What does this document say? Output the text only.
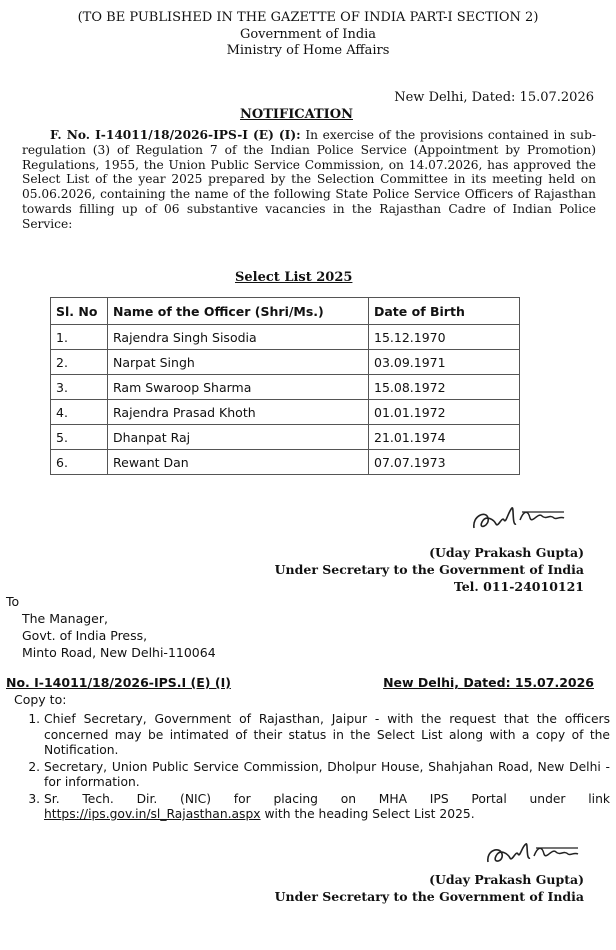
(TO BE PUBLISHED IN THE GAZETTE OF INDIA PART-I SECTION 2)
Government of India
Ministry of Home Affairs
New Delhi, Dated: 15.07.2026
NOTIFICATION
F. No. I-14011/18/2026-IPS-I (E) (I): In exercise of the provisions contained in sub-regulation (3) of Regulation 7 of the Indian Police Service (Appointment by Promotion) Regulations, 1955, the Union Public Service Commission, on 14.07.2026, has approved the Select List of the year 2025 prepared by the Selection Committee in its meeting held on 05.06.2026, containing the name of the following State Police Service Officers of Rajasthan towards filling up of 06 substantive vacancies in the Rajasthan Cadre of Indian Police Service:
Select List 2025
Sl. No	Name of the Officer (Shri/Ms.)	Date of Birth
1.	Rajendra Singh Sisodia	15.12.1970
2.	Narpat Singh	03.09.1971
3.	Ram Swaroop Sharma	15.08.1972
4.	Rajendra Prasad Khoth	01.01.1972
5.	Dhanpat Raj	21.01.1974
6.	Rewant Dan	07.07.1973
(Uday Prakash Gupta)
Under Secretary to the Government of India
Tel. 011-24010121
To
The Manager,
Govt. of India Press,
Minto Road, New Delhi-110064
No. I-14011/18/2026-IPS.I (E) (I)	New Delhi, Dated: 15.07.2026
Copy to:
1. Chief Secretary, Government of Rajasthan, Jaipur - with the request that the officers concerned may be intimated of their status in the Select List along with a copy of the Notification.
2. Secretary, Union Public Service Commission, Dholpur House, Shahjahan Road, New Delhi - for information.
3. Sr. Tech. Dir. (NIC) for placing on MHA IPS Portal under link https://ips.gov.in/sl_Rajasthan.aspx with the heading Select List 2025.
(Uday Prakash Gupta)
Under Secretary to the Government of India
